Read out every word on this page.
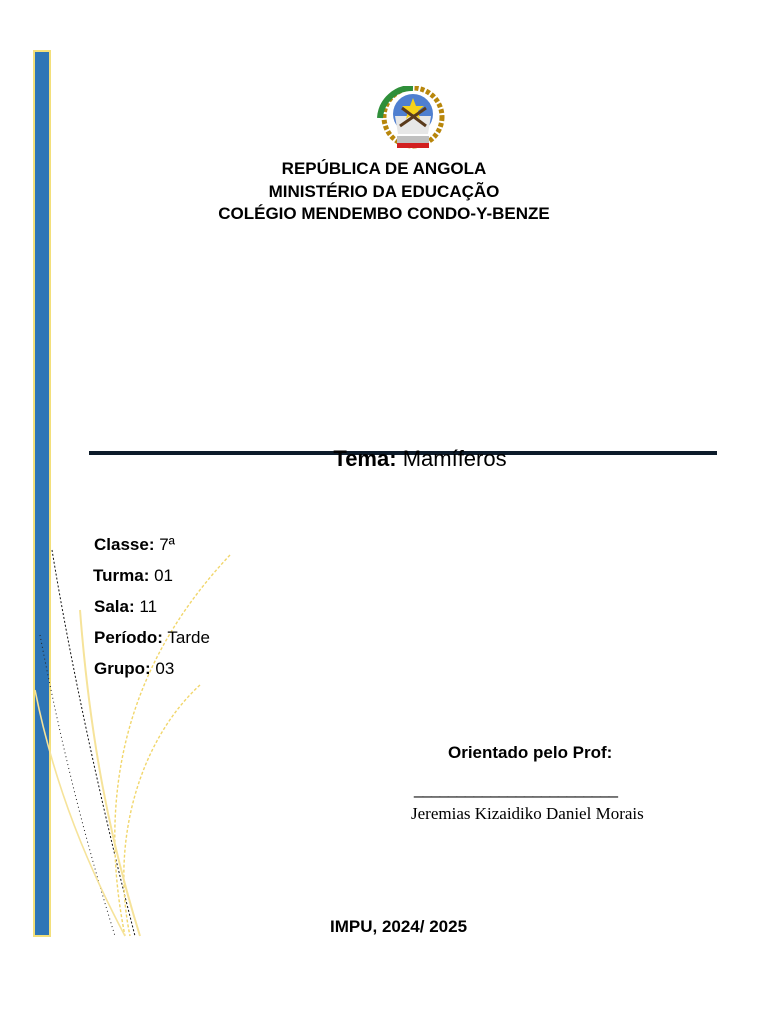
REPÚBLICA DE ANGOLA
MINISTÉRIO DA EDUCAÇÃO
COLÉGIO MENDEMBO CONDO-Y-BENZE
Tema: Mamíferos
Classe: 7ª
Turma: 01
Sala: 11
Período: Tarde
Grupo: 03
Orientado pelo Prof:
________________________
Jeremias Kizaidiko Daniel Morais
IMPU, 2024/ 2025
